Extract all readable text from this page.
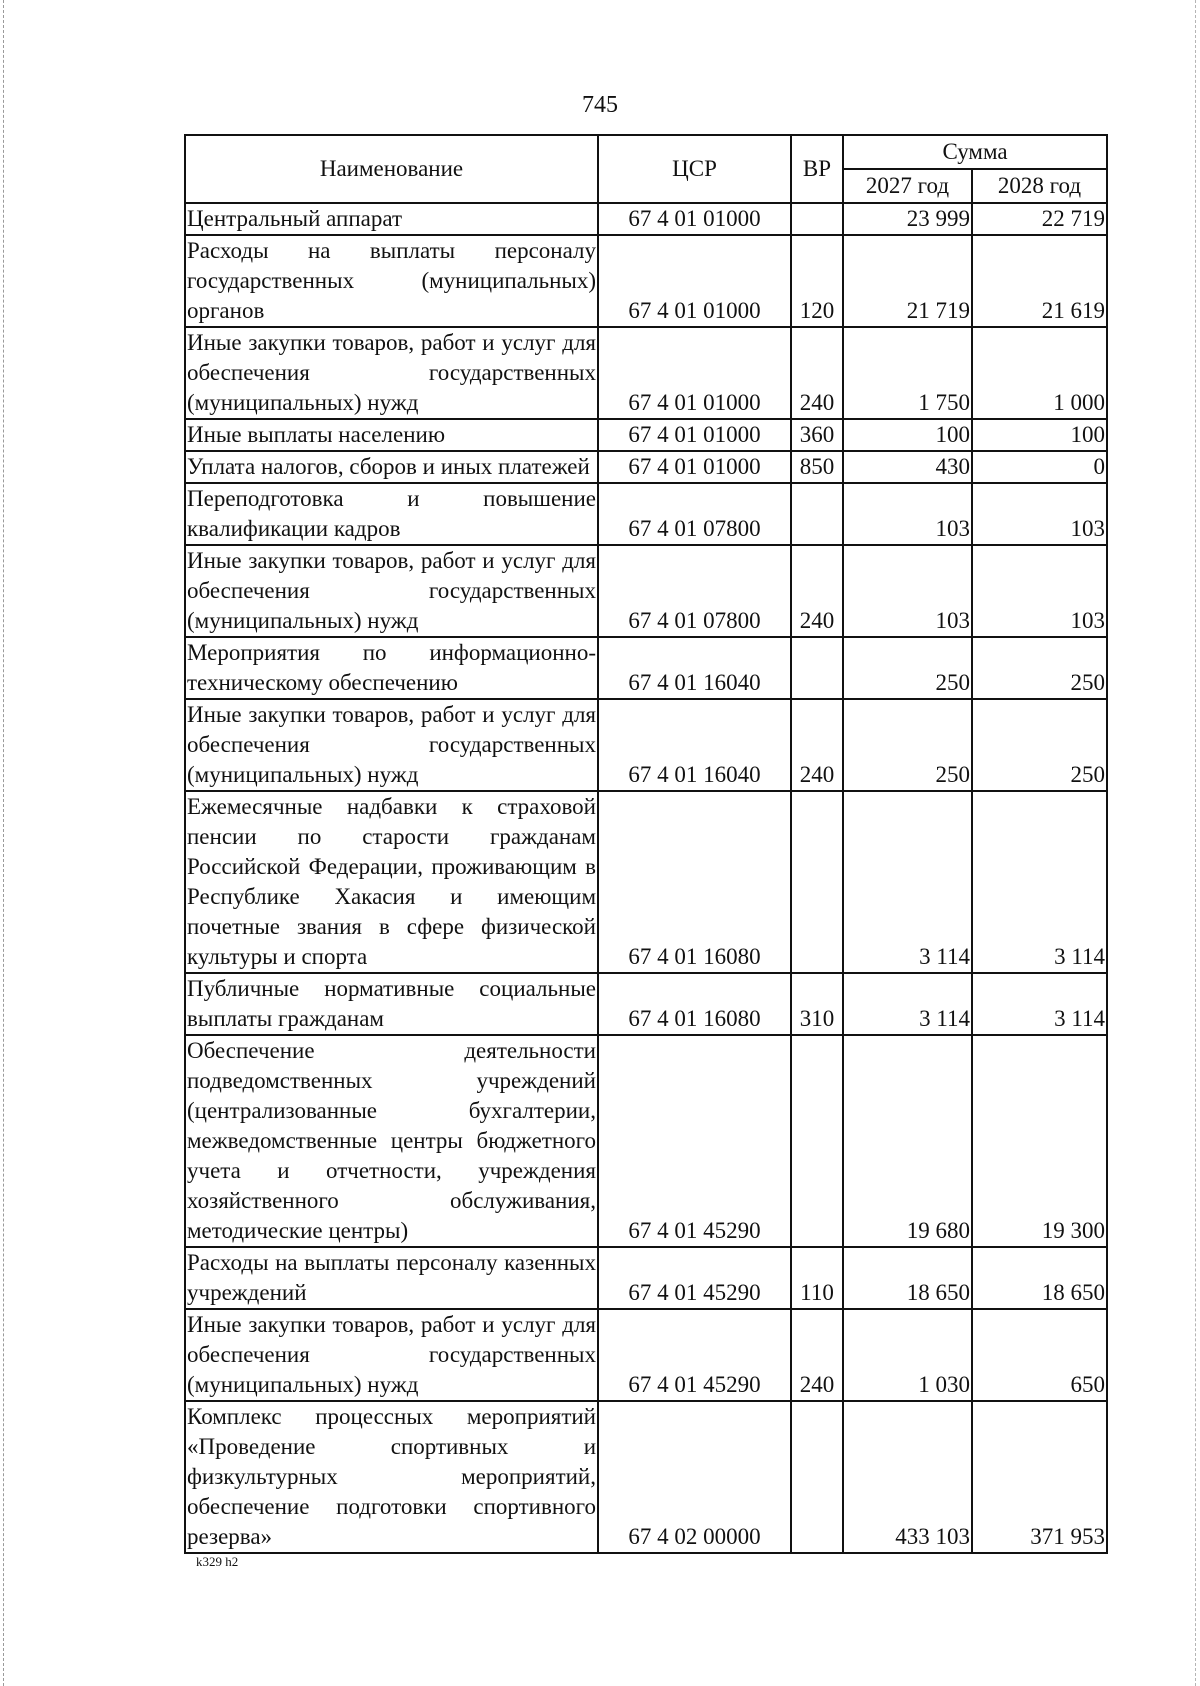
745
Наименование	ЦСР	ВР	Сумма	
			2027 год	2028 год
Центральный аппарат	67 4 01 01000		23 999	22 719
Расходы на выплаты персоналу государственных (муниципальных) органов	67 4 01 01000	120	21 719	21 619
Иные закупки товаров, работ и услуг для обеспечения государственных (муниципальных) нужд	67 4 01 01000	240	1 750	1 000
Иные выплаты населению	67 4 01 01000	360	100	100
Уплата налогов, сборов и иных платежей	67 4 01 01000	850	430	0
Переподготовка и повышение квалификации кадров	67 4 01 07800		103	103
Иные закупки товаров, работ и услуг для обеспечения государственных (муниципальных) нужд	67 4 01 07800	240	103	103
Мероприятия по информационно-техническому обеспечению	67 4 01 16040		250	250
Иные закупки товаров, работ и услуг для обеспечения государственных (муниципальных) нужд	67 4 01 16040	240	250	250
Ежемесячные надбавки к страховой пенсии по старости гражданам Российской Федерации, проживающим в Республике Хакасия и имеющим почетные звания в сфере физической культуры и спорта	67 4 01 16080		3 114	3 114
Публичные нормативные социальные выплаты гражданам	67 4 01 16080	310	3 114	3 114
Обеспечение деятельности подведомственных учреждений (централизованные бухгалтерии, межведомственные центры бюджетного учета и отчетности, учреждения хозяйственного обслуживания, методические центры)	67 4 01 45290		19 680	19 300
Расходы на выплаты персоналу казенных учреждений	67 4 01 45290	110	18 650	18 650
Иные закупки товаров, работ и услуг для обеспечения государственных (муниципальных) нужд	67 4 01 45290	240	1 030	650
Комплекс процессных мероприятий «Проведение спортивных и физкультурных мероприятий, обеспечение подготовки спортивного резерва»	67 4 02 00000		433 103	371 953
k329 h2
